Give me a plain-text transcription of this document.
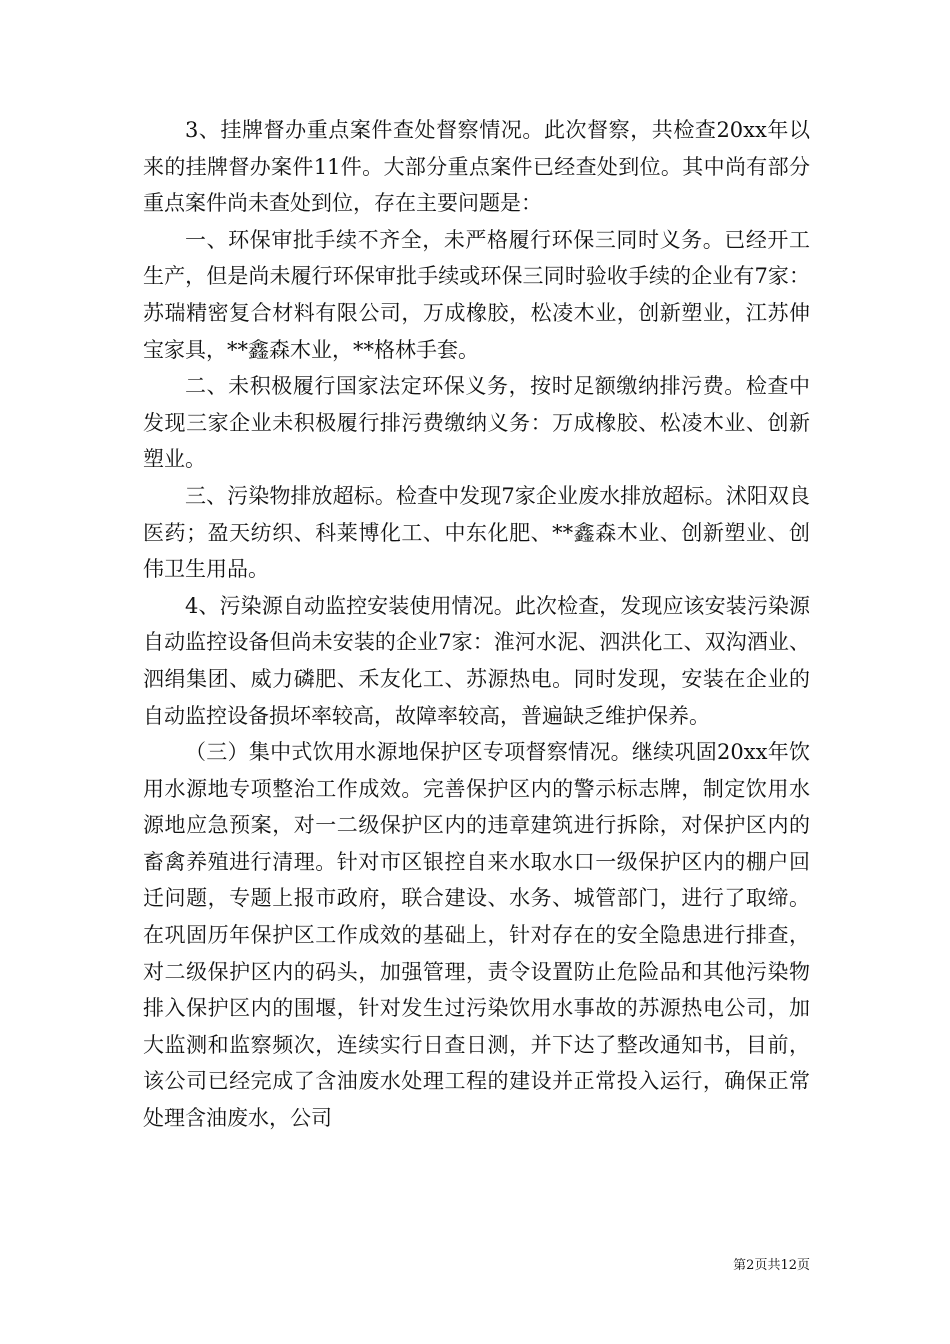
3、挂牌督办重点案件查处督察情况。此次督察，共检查20xx年以来的挂牌督办案件11件。大部分重点案件已经查处到位。其中尚有部分重点案件尚未查处到位，存在主要问题是：

一、环保审批手续不齐全，未严格履行环保三同时义务。已经开工生产，但是尚未履行环保审批手续或环保三同时验收手续的企业有7家：苏瑞精密复合材料有限公司，万成橡胶，松凌木业，创新塑业，江苏伸宝家具，**鑫森木业，**格林手套。

二、未积极履行国家法定环保义务，按时足额缴纳排污费。检查中发现三家企业未积极履行排污费缴纳义务：万成橡胶、松凌木业、创新塑业。

三、污染物排放超标。检查中发现7家企业废水排放超标。沭阳双良医药；盈天纺织、科莱博化工、中东化肥、**鑫森木业、创新塑业、创伟卫生用品。

4、污染源自动监控安装使用情况。此次检查，发现应该安装污染源自动监控设备但尚未安装的企业7家：淮河水泥、泗洪化工、双沟酒业、泗绢集团、威力磷肥、禾友化工、苏源热电。同时发现，安装在企业的自动监控设备损坏率较高，故障率较高，普遍缺乏维护保养。

（三）集中式饮用水源地保护区专项督察情况。继续巩固20xx年饮用水源地专项整治工作成效。完善保护区内的警示标志牌，制定饮用水源地应急预案，对一二级保护区内的违章建筑进行拆除，对保护区内的畜禽养殖进行清理。针对市区银控自来水取水口一级保护区内的棚户回迁问题，专题上报市政府，联合建设、水务、城管部门，进行了取缔。在巩固历年保护区工作成效的基础上，针对存在的安全隐患进行排查，对二级保护区内的码头，加强管理，责令设置防止危险品和其他污染物排入保护区内的围堰，针对发生过污染饮用水事故的苏源热电公司，加大监测和监察频次，连续实行日查日测，并下达了整改通知书，目前，该公司已经完成了含油废水处理工程的建设并正常投入运行，确保正常处理含油废水，公司

第2页共12页
